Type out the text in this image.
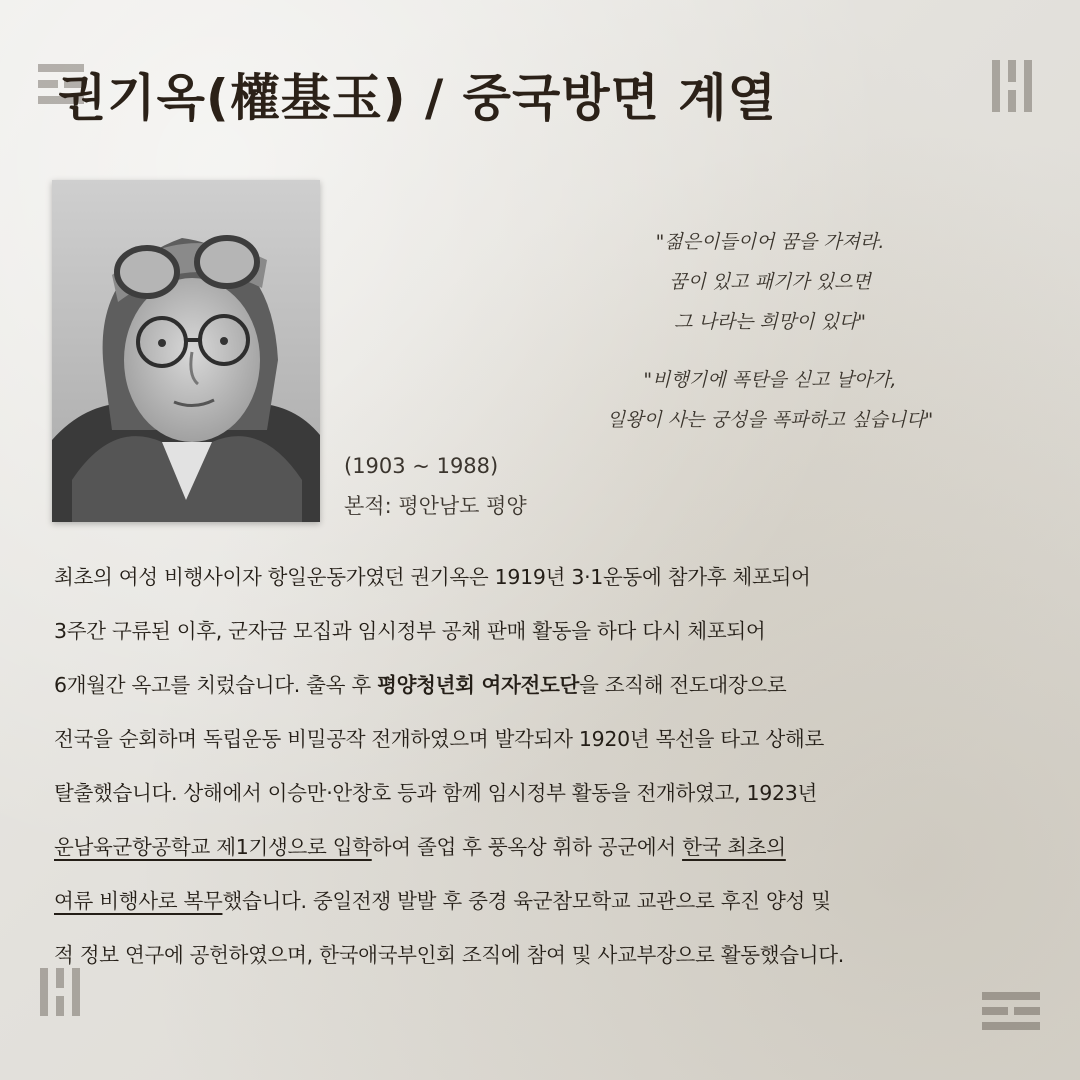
권기옥(權基玉) / 중국방면 계열
"젊은이들이어 꿈을 가져라.
꿈이 있고 패기가 있으면
그 나라는 희망이 있다"
"비행기에 폭탄을 싣고 날아가,
일왕이 사는 궁성을 폭파하고 싶습니다"
(1903 ~ 1988)
본적: 평안남도 평양
최초의 여성 비행사이자 항일운동가였던 권기옥은 1919년 3·1운동에 참가후 체포되어
3주간 구류된 이후, 군자금 모집과 임시정부 공채 판매 활동을 하다 다시 체포되어
6개월간 옥고를 치렀습니다. 출옥 후 평양청년회 여자전도단을 조직해 전도대장으로
전국을 순회하며 독립운동 비밀공작 전개하였으며 발각되자 1920년 목선을 타고 상해로
탈출했습니다. 상해에서 이승만·안창호 등과 함께 임시정부 활동을 전개하였고, 1923년
운남육군항공학교 제1기생으로 입학하여 졸업 후 풍옥상 휘하 공군에서 한국 최초의
여류 비행사로 복무했습니다. 중일전쟁 발발 후 중경 육군참모학교 교관으로 후진 양성 및
적 정보 연구에 공헌하였으며, 한국애국부인회 조직에 참여 및 사교부장으로 활동했습니다.
